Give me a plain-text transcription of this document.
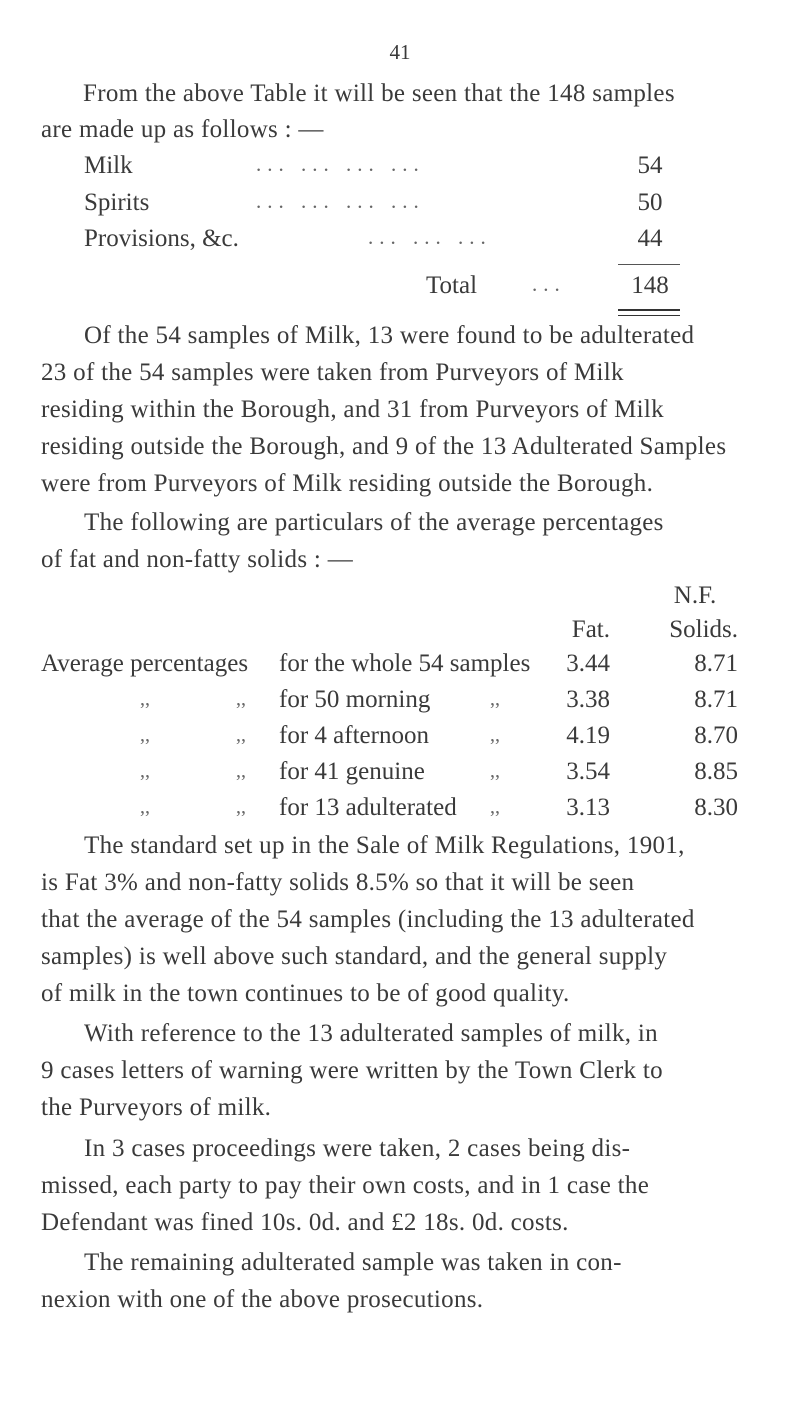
41
From the above Table it will be seen that the 148 samples
are made up as follows : —
Milk	... ... ... ...	54
Spirits	... ... ... ...	50
Provisions, &c.	... ... ...	44
Total	...	148
Of the 54 samples of Milk, 13 were found to be adulterated
23 of the 54 samples were taken from Purveyors of Milk
residing within the Borough, and 31 from Purveyors of Milk
residing outside the Borough, and 9 of the 13 Adulterated Samples
were from Purveyors of Milk residing outside the Borough.
The following are particulars of the average percentages
of fat and non-fatty solids : —
N.F.
Fat.	Solids.
Average percentages for the whole 54 samples	3.44	8.71
,,	,, for 50 morning	,,	3.38	8.71
,,	,, for 4 afternoon	,,	4.19	8.70
,,	,, for 41 genuine	,,	3.54	8.85
,,	,, for 13 adulterated ,,	3.13	8.30
The standard set up in the Sale of Milk Regulations, 1901,
is Fat 3% and non-fatty solids 8.5% so that it will be seen
that the average of the 54 samples (including the 13 adulterated
samples) is well above such standard, and the general supply
of milk in the town continues to be of good quality.
With reference to the 13 adulterated samples of milk, in
9 cases letters of warning were written by the Town Clerk to
the Purveyors of milk.
In 3 cases proceedings were taken, 2 cases being dis-
missed, each party to pay their own costs, and in 1 case the
Defendant was fined 10s. 0d. and £2 18s. 0d. costs.
The remaining adulterated sample was taken in con-
nexion with one of the above prosecutions.
